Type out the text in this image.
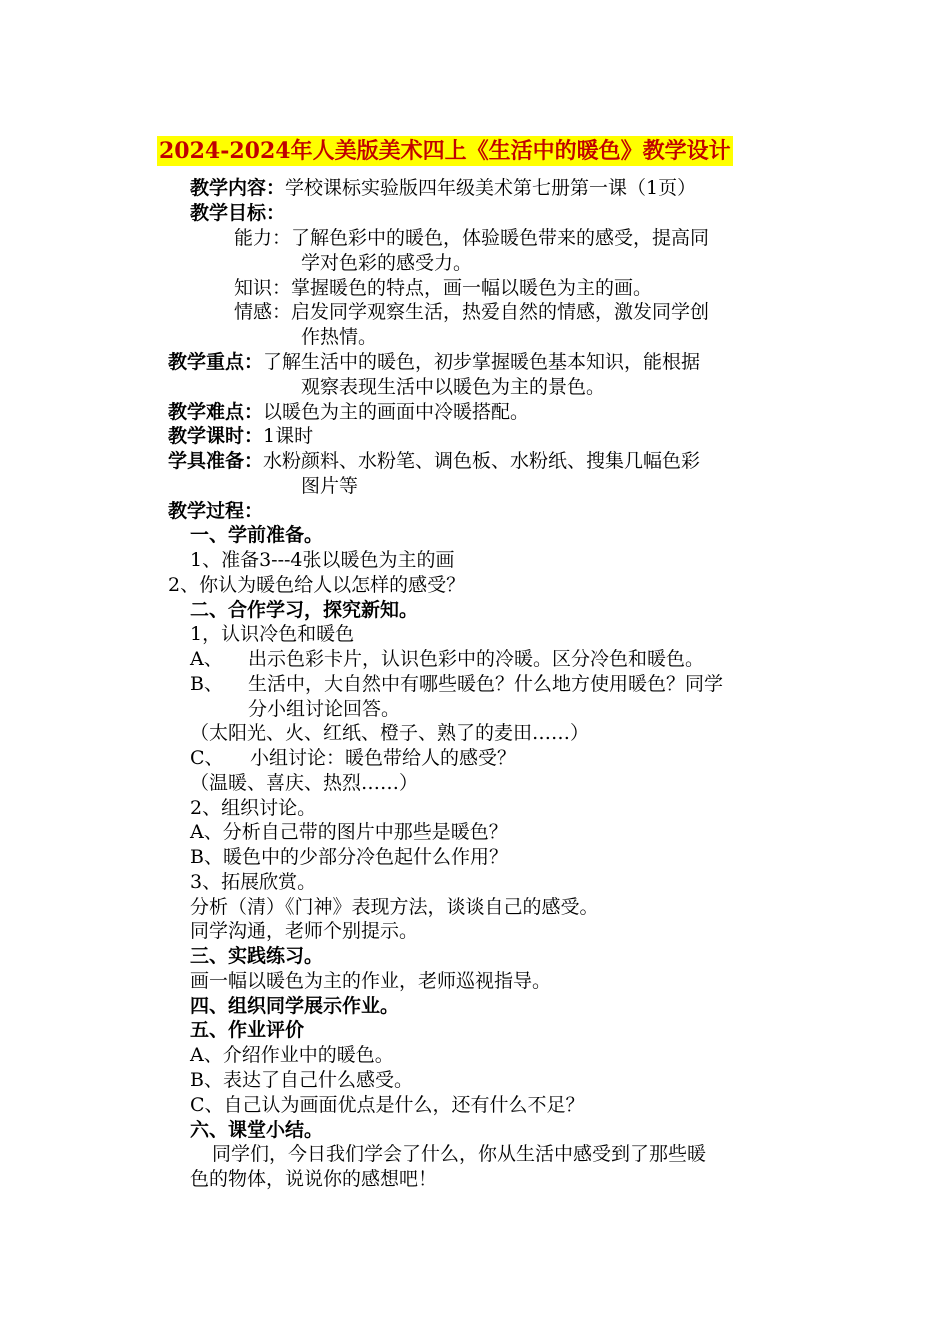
2024-2024年人美版美术四上《生活中的暖色》教学设计
教学内容：学校课标实验版四年级美术第七册第一课（1页）
教学目标：
能力：了解色彩中的暖色，体验暖色带来的感受，提高同
学对色彩的感受力。
知识：掌握暖色的特点，画一幅以暖色为主的画。
情感：启发同学观察生活，热爱自然的情感，激发同学创
作热情。
教学重点：了解生活中的暖色，初步掌握暖色基本知识，能根据
观察表现生活中以暖色为主的景色。
教学难点：以暖色为主的画面中冷暖搭配。
教学课时：1课时
学具准备：水粉颜料、水粉笔、调色板、水粉纸、搜集几幅色彩
图片等
教学过程：
一、学前准备。
1、准备3---4张以暖色为主的画
2、你认为暖色给人以怎样的感受？
二、合作学习，探究新知。
1，认识冷色和暖色
A、 出示色彩卡片，认识色彩中的冷暖。区分冷色和暖色。
B、 生活中，大自然中有哪些暖色？什么地方使用暖色？同学
分小组讨论回答。
（太阳光、火、红纸、橙子、熟了的麦田……）
C、 小组讨论：暖色带给人的感受？
（温暖、喜庆、热烈……）
2、组织讨论。
A、分析自己带的图片中那些是暖色？
B、暖色中的少部分冷色起什么作用？
3、拓展欣赏。
分析（清）《门神》表现方法，谈谈自己的感受。
同学沟通，老师个别提示。
三、实践练习。
画一幅以暖色为主的作业，老师巡视指导。
四、组织同学展示作业。
五、作业评价
A、介绍作业中的暖色。
B、表达了自己什么感受。
C、自己认为画面优点是什么，还有什么不足？
六、课堂小结。
同学们，今日我们学会了什么，你从生活中感受到了那些暖
色的物体，说说你的感想吧！
